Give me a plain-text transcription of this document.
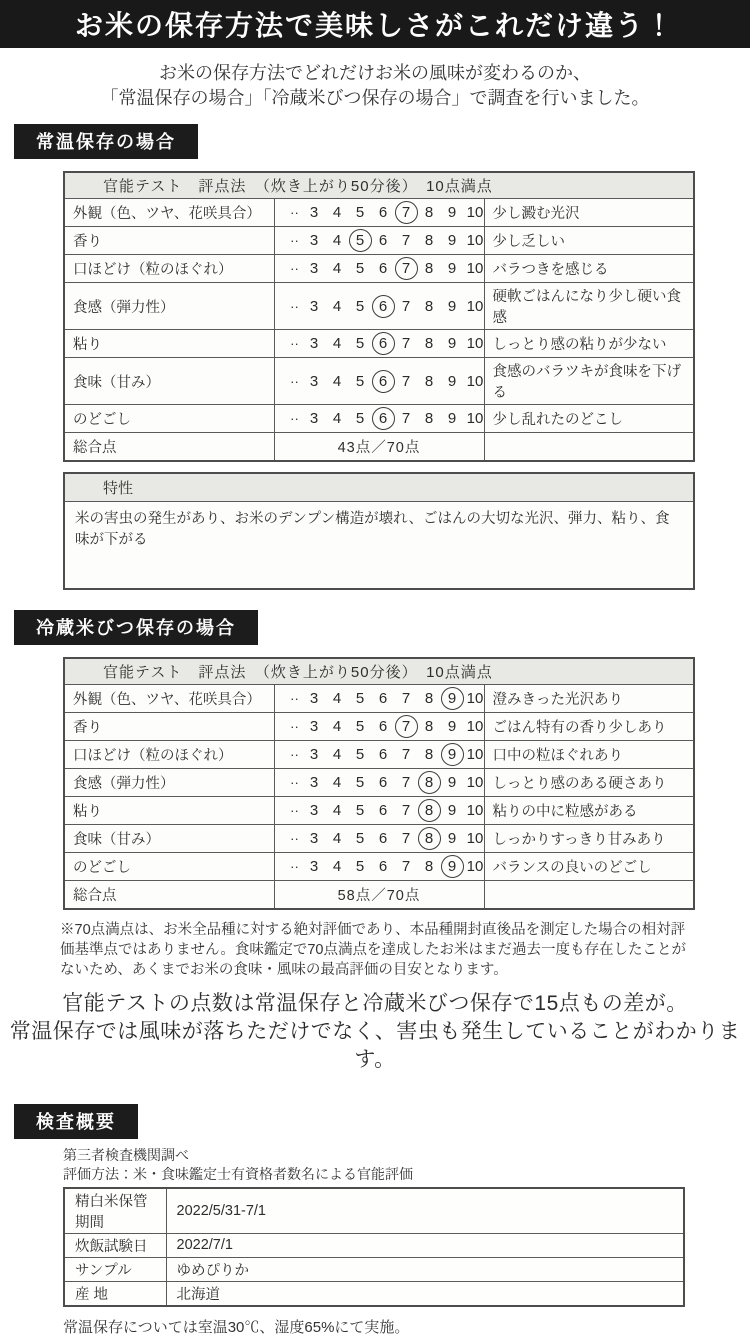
お米の保存方法で美味しさがこれだけ違う！

お米の保存方法でどれだけお米の風味が変わるのか、
「常温保存の場合」「冷蔵米びつ保存の場合」で調査を行いました。

常温保存の場合
官能テスト　評点法　（炊き上がり50分後）　10点満点		
外観（色、ツヤ、花咲具合）	·· 3 4 5 6 7 8 9 10	少し澱む光沢
香り	·· 3 4 5 6 7 8 9 10	少し乏しい
口ほどけ（粒のほぐれ）	·· 3 4 5 6 7 8 9 10	バラつきを感じる
食感（弾力性）	·· 3 4 5 6 7 8 9 10	硬軟ごはんになり少し硬い食感
粘り	·· 3 4 5 6 7 8 9 10	しっとり感の粘りが少ない
食味（甘み）	·· 3 4 5 6 7 8 9 10	食感のバラツキが食味を下げる
のどごし	·· 3 4 5 6 7 8 9 10	少し乱れたのどこし
総合点	43点／70点	
特性
米の害虫の発生があり、お米のデンプン構造が壊れ、ごはんの大切な光沢、弾力、粘り、食味が下がる
冷蔵米びつ保存の場合
官能テスト　評点法　（炊き上がり50分後）　10点満点		
外観（色、ツヤ、花咲具合）	·· 3 4 5 6 7 8 9 10	澄みきった光沢あり
香り	·· 3 4 5 6 7 8 9 10	ごはん特有の香り少しあり
口ほどけ（粒のほぐれ）	·· 3 4 5 6 7 8 9 10	口中の粒ほぐれあり
食感（弾力性）	·· 3 4 5 6 7 8 9 10	しっとり感のある硬さあり
粘り	·· 3 4 5 6 7 8 9 10	粘りの中に粒感がある
食味（甘み）	·· 3 4 5 6 7 8 9 10	しっかりすっきり甘みあり
のどごし	·· 3 4 5 6 7 8 9 10	バランスの良いのどごし
総合点	58点／70点	

※70点満点は、お米全品種に対する絶対評価であり、本品種開封直後品を測定した場合の相対評価基準点ではありません。食味鑑定で70点満点を達成したお米はまだ過去一度も存在したことがないため、あくまでお米の食味・風味の最高評価の目安となります。

官能テストの点数は常温保存と冷蔵米びつ保存で15点もの差が。
常温保存では風味が落ちただけでなく、害虫も発生していることがわかります。

検査概要

第三者検査機関調べ

評価方法：米・食味鑑定士有資格者数名による官能評価

精白米保管期間	2022/5/31-7/1
炊飯試験日	2022/7/1
サンプル	ゆめぴりか
産 地	北海道

常温保存については室温30℃、湿度65%にて実施。
